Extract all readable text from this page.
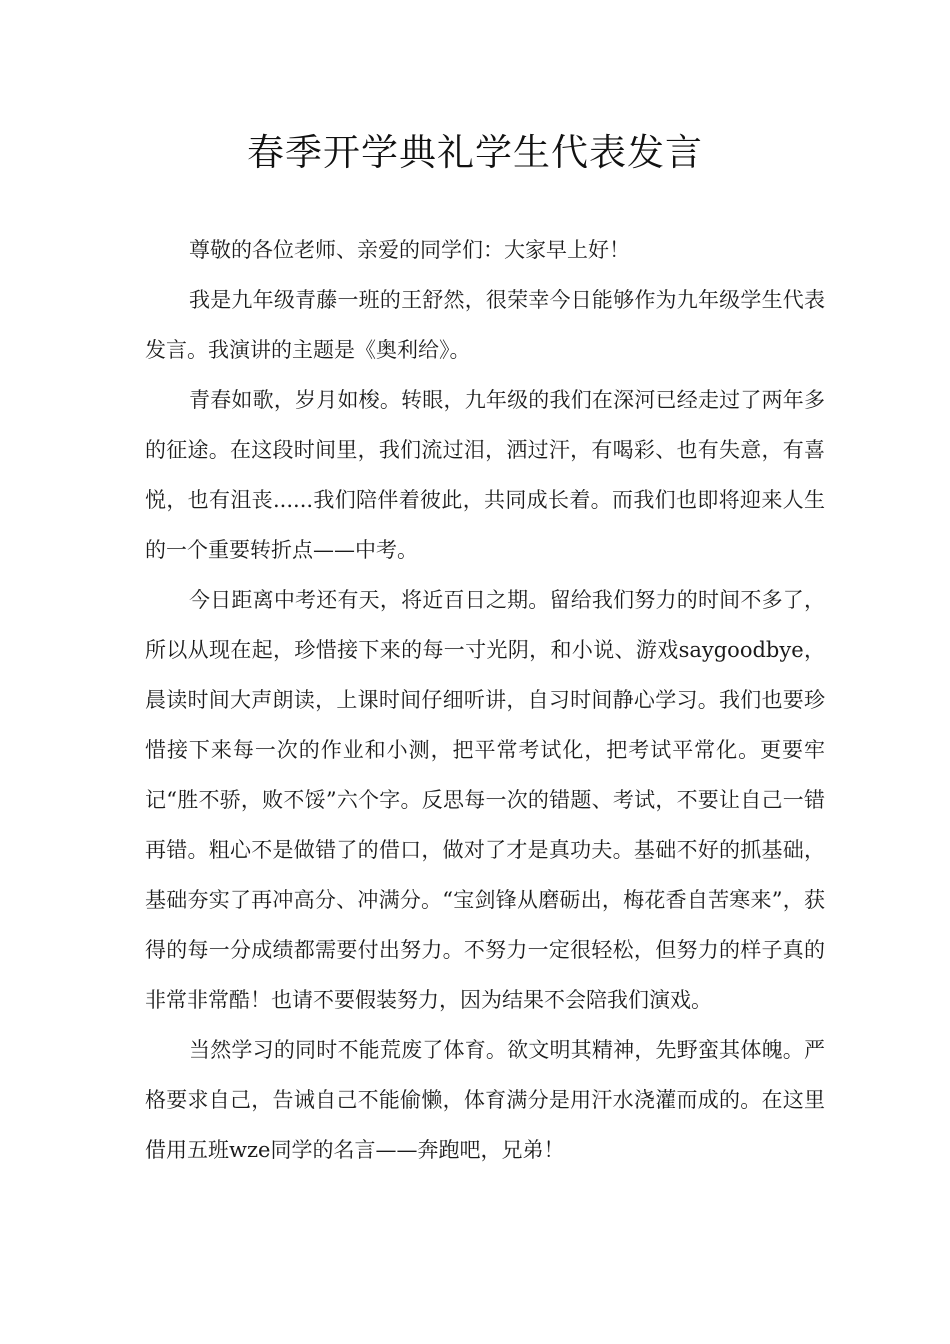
春季开学典礼学生代表发言

尊敬的各位老师、亲爱的同学们：大家早上好！

我是九年级青藤一班的王舒然，很荣幸今日能够作为九年级学生代表发言。我演讲的主题是《奥利给》。

青春如歌，岁月如梭。转眼，九年级的我们在深河已经走过了两年多的征途。在这段时间里，我们流过泪，洒过汗，有喝彩、也有失意，有喜悦，也有沮丧......我们陪伴着彼此，共同成长着。而我们也即将迎来人生的一个重要转折点——中考。

今日距离中考还有天，将近百日之期。留给我们努力的时间不多了，所以从现在起，珍惜接下来的每一寸光阴，和小说、游戏saygoodbye，晨读时间大声朗读，上课时间仔细听讲，自习时间静心学习。我们也要珍惜接下来每一次的作业和小测，把平常考试化，把考试平常化。更要牢记“胜不骄，败不馁”六个字。反思每一次的错题、考试，不要让自己一错再错。粗心不是做错了的借口，做对了才是真功夫。基础不好的抓基础，基础夯实了再冲高分、冲满分。“宝剑锋从磨砺出，梅花香自苦寒来”，获得的每一分成绩都需要付出努力。不努力一定很轻松，但努力的样子真的非常非常酷！也请不要假装努力，因为结果不会陪我们演戏。

当然学习的同时不能荒废了体育。欲文明其精神，先野蛮其体魄。严格要求自己，告诫自己不能偷懒，体育满分是用汗水浇灌而成的。在这里借用五班wze同学的名言——奔跑吧，兄弟！
